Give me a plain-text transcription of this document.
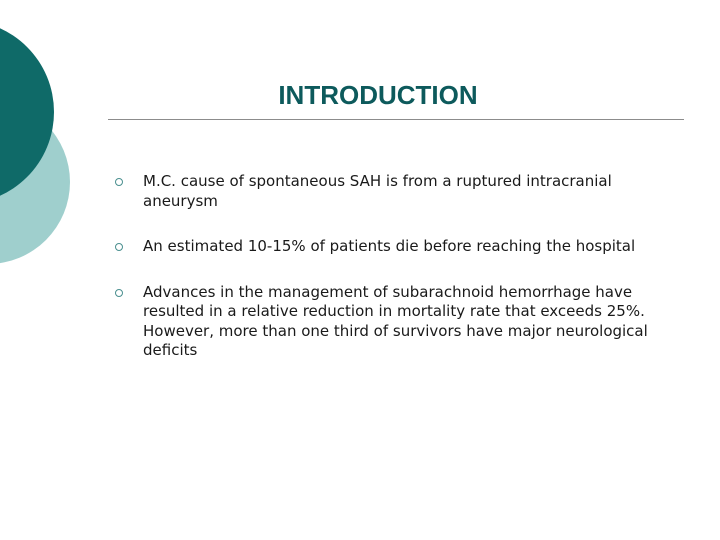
INTRODUCTION
M.C. cause of spontaneous SAH is from a ruptured intracranial aneurysm
An estimated 10-15% of patients die before reaching the hospital
Advances in the management of subarachnoid hemorrhage have resulted in a relative reduction in mortality rate that exceeds 25%. However, more than one third of survivors have major neurological deficits
